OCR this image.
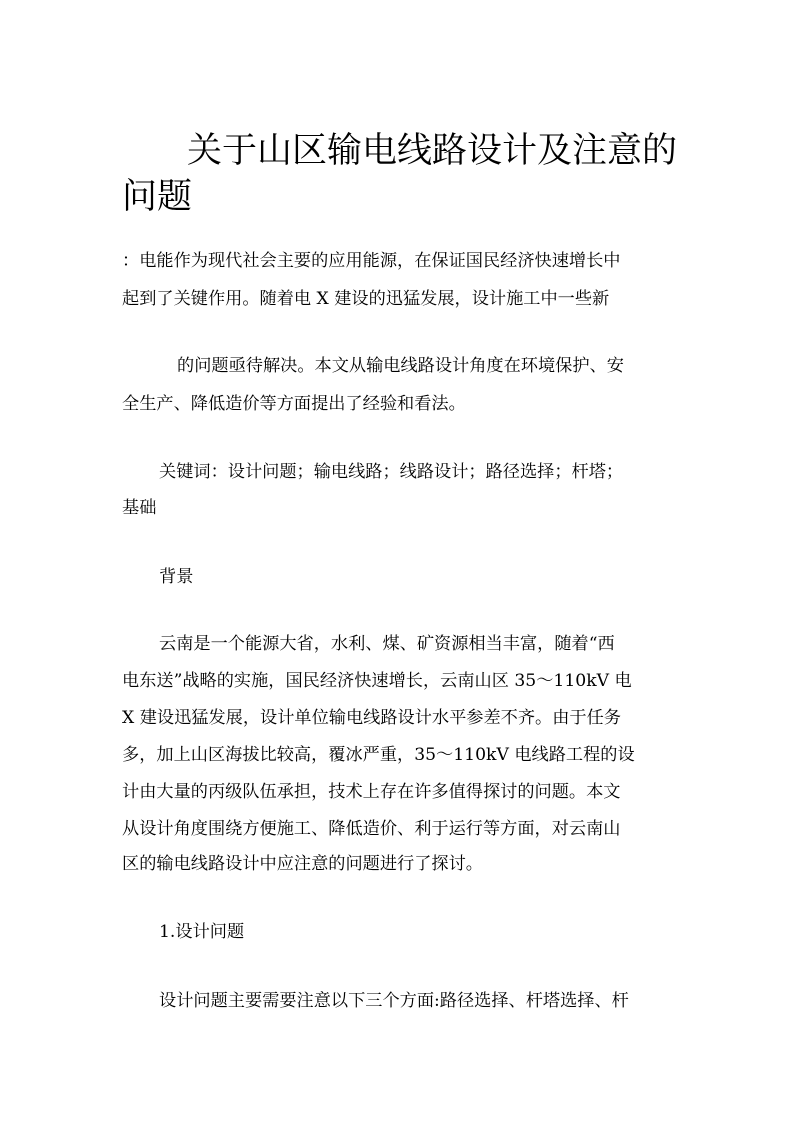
关于山区输电线路设计及注意的
问题

：电能作为现代社会主要的应用能源，在保证国民经济快速增长中

起到了关键作用。随着电 X 建设的迅猛发展，设计施工中一些新

的问题亟待解决。本文从输电线路设计角度在环境保护、安

全生产、降低造价等方面提出了经验和看法。

关键词：设计问题；输电线路；线路设计；路径选择；杆塔；

基础

背景

云南是一个能源大省，水利、煤、矿资源相当丰富，随着“西

电东送”战略的实施，国民经济快速增长，云南山区 35～110kV 电

X 建设迅猛发展，设计单位输电线路设计水平参差不齐。由于任务

多，加上山区海拔比较高，覆冰严重，35～110kV 电线路工程的设

计由大量的丙级队伍承担，技术上存在许多值得探讨的问题。本文

从设计角度围绕方便施工、降低造价、利于运行等方面，对云南山

区的输电线路设计中应注意的问题进行了探讨。

1.设计问题

设计问题主要需要注意以下三个方面:路径选择、杆塔选择、杆
